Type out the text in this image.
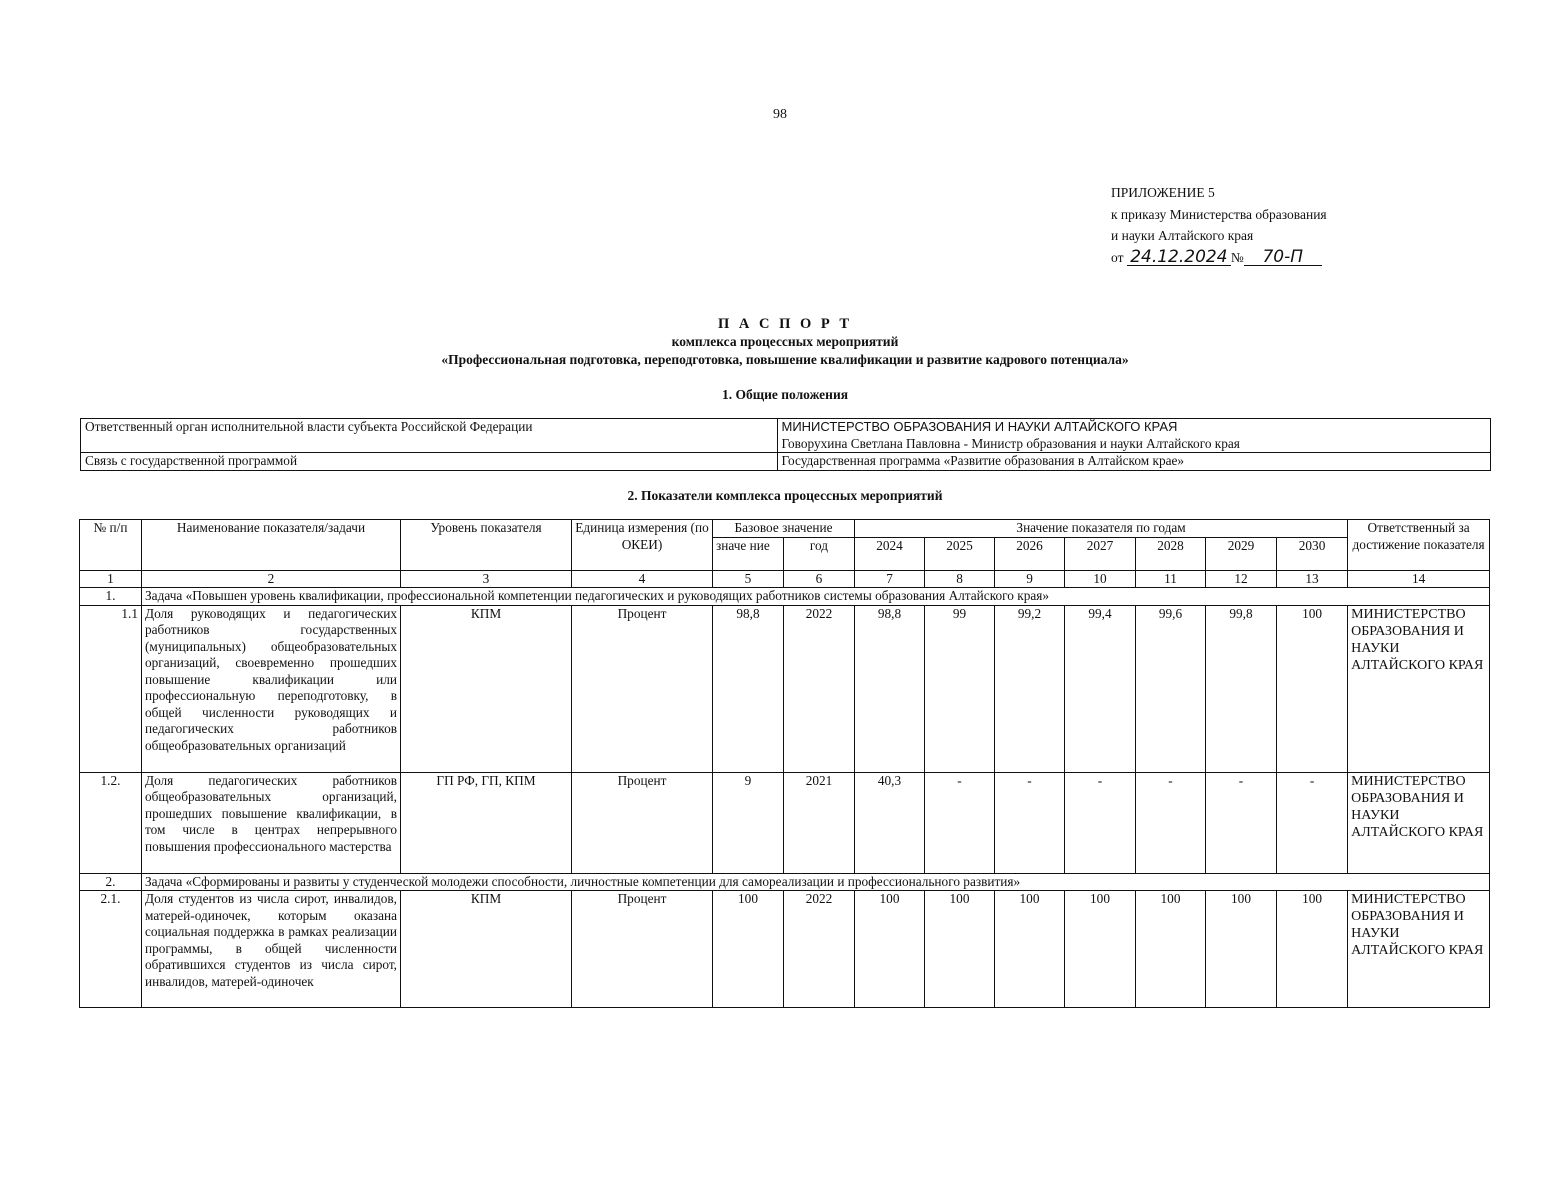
98
ПРИЛОЖЕНИЕ 5
к приказу Министерства образования
и науки Алтайского края
от 24.12.2024 № 70-П
П А С П О Р Т
комплекса процессных мероприятий
«Профессиональная подготовка, переподготовка, повышение квалификации и развитие кадрового потенциала»
1. Общие положения
Ответственный орган исполнительной власти субъекта Российской Федерации	МИНИСТЕРСТВО ОБРАЗОВАНИЯ И НАУКИ АЛТАЙСКОГО КРАЯ
	Говорухина Светлана Павловна - Министр образования и науки Алтайского края
Связь с государственной программой	Государственная программа «Развитие образования в Алтайском крае»
2. Показатели комплекса процессных мероприятий
№ п/п	Наименование показателя/задачи	Уровень показателя	Единица измерения (по ОКЕИ)	Базовое значение		Значение показателя по годам							Ответственный за достижение показателя
				значе ние	год	2024	2025	2026	2027	2028	2029	2030	
1	2	3	4	5	6	7	8	9	10	11	12	13	14
1.	Задача «Повышен уровень квалификации, профессиональной компетенции педагогических и руководящих работников системы образования Алтайского края»												
1.1	Доля руководящих и педагогических работников государственных (муниципальных) общеобразовательных организаций, своевременно прошедших повышение квалификации или профессиональную переподготовку, в общей численности руководящих и педагогических работников общеобразовательных организаций	КПМ	Процент	98,8	2022	98,8	99	99,2	99,4	99,6	99,8	100	МИНИСТЕРСТВО ОБРАЗОВАНИЯ И НАУКИ АЛТАЙСКОГО КРАЯ
1.2.	Доля педагогических работников общеобразовательных организаций, прошедших повышение квалификации, в том числе в центрах непрерывного повышения профессионального мастерства	ГП РФ, ГП, КПМ	Процент	9	2021	40,3	-	-	-	-	-	-	МИНИСТЕРСТВО ОБРАЗОВАНИЯ И НАУКИ АЛТАЙСКОГО КРАЯ
2.	Задача «Сформированы и развиты у студенческой молодежи способности, личностные компетенции для самореализации и профессионального развития»												
2.1.	Доля студентов из числа сирот, инвалидов, матерей-одиночек, которым оказана социальная поддержка в рамках реализации программы, в общей численности обратившихся студентов из числа сирот, инвалидов, матерей-одиночек	КПМ	Процент	100	2022	100	100	100	100	100	100	100	МИНИСТЕРСТВО ОБРАЗОВАНИЯ И НАУКИ АЛТАЙСКОГО КРАЯ
